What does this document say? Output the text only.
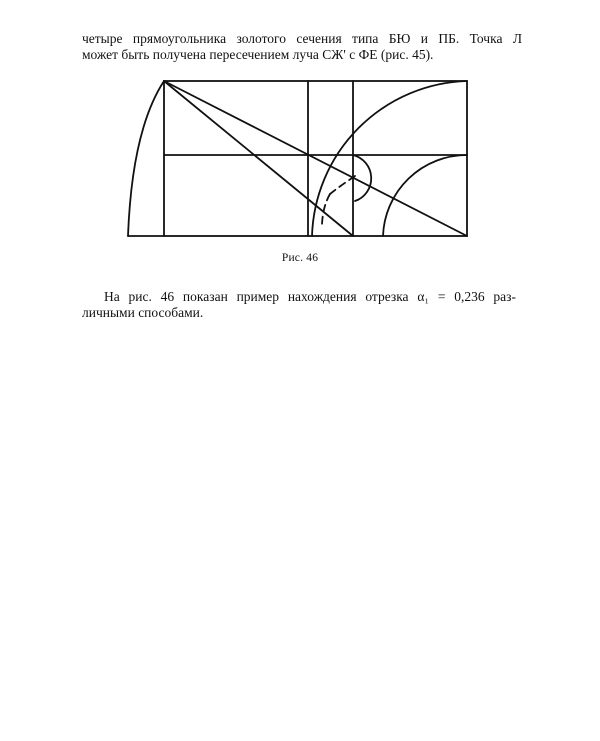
четыре прямоугольника золотого сечения типа БЮ и ПБ. Точка Л
может быть получена пересечением луча СЖ' с ФЕ (рис. 45).
Рис. 46
На рис. 46 показан пример нахождения отрезка α₁ = 0,236 раз-
личными способами.
